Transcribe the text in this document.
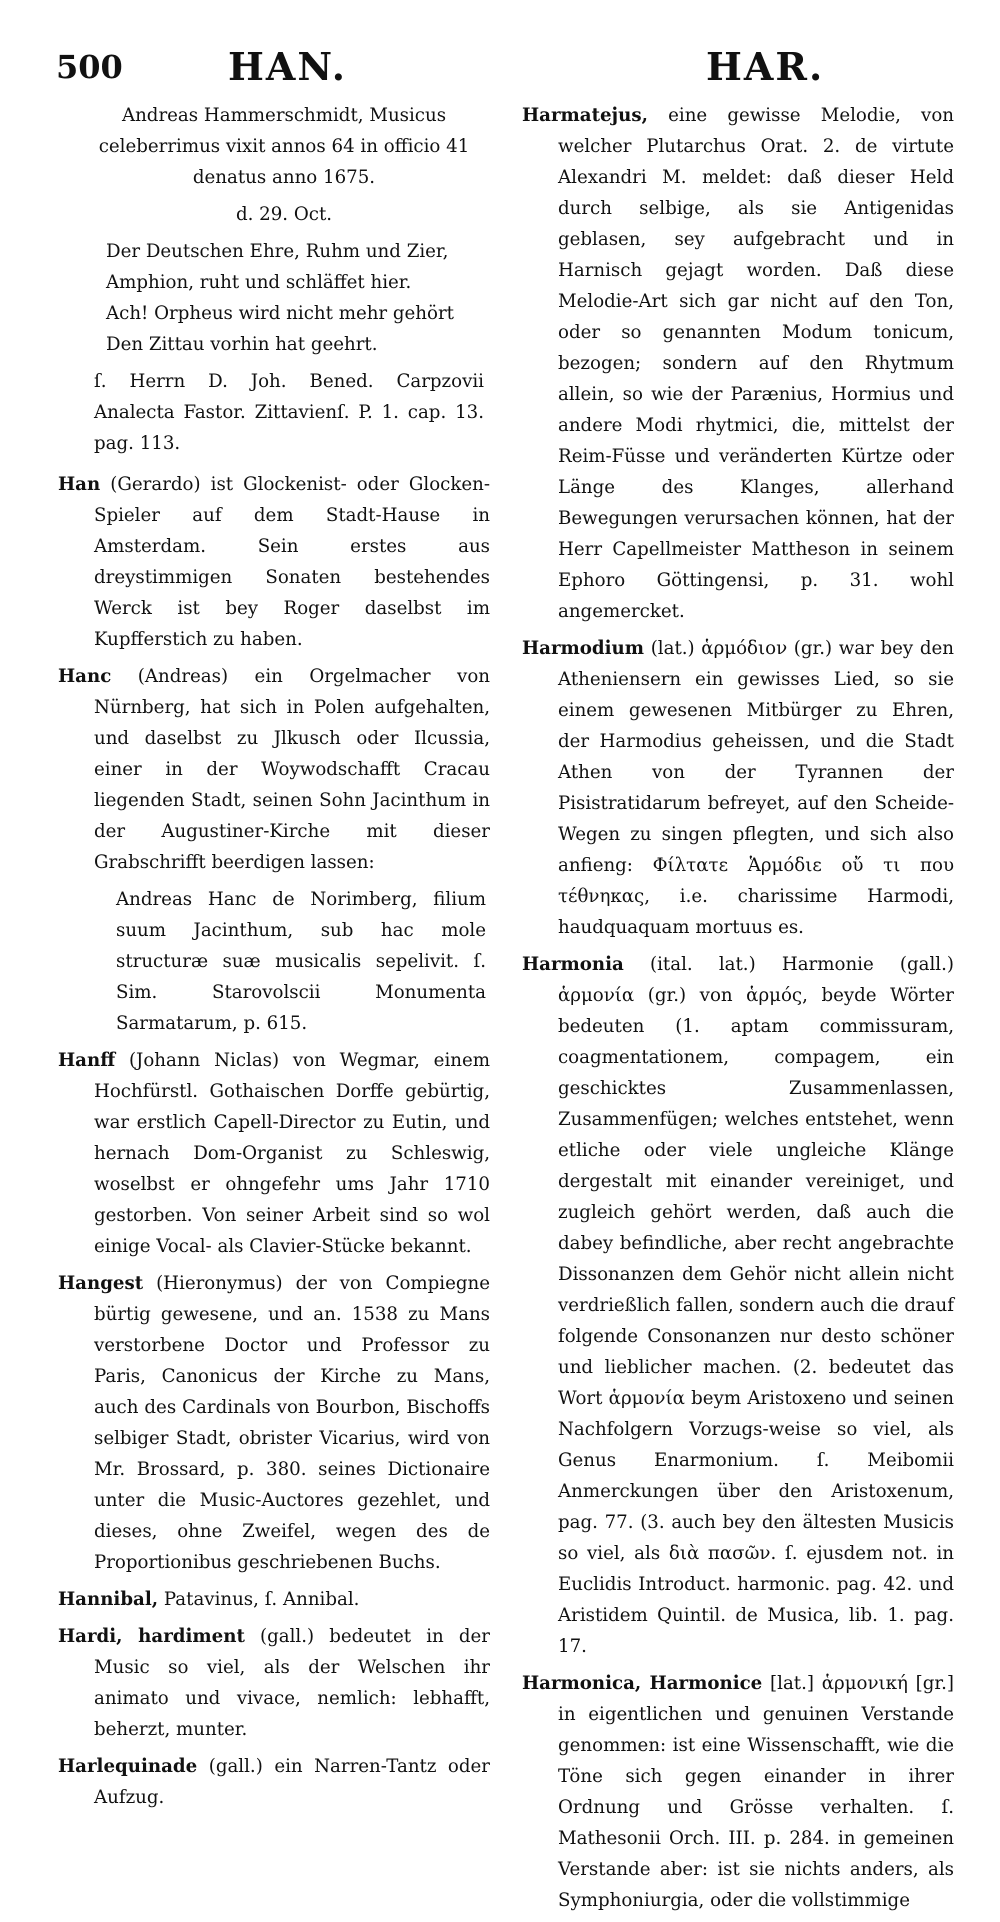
500	HAN.	HAR.

Andreas Hammerschmidt, Musicus celeberrimus vixit annos 64 in officio 41 denatus anno 1675.

d. 29. Oct.

Der Deutschen Ehre, Ruhm und Zier,
Amphion, ruht und schläffet hier.
Ach! Orpheus wird nicht mehr gehört
Den Zittau vorhin hat geehrt.

ſ. Herrn D. Joh. Bened. Carpzovii Analecta Fastor. Zittavienſ. P. 1. cap. 13. pag. 113.

Han (Gerardo) ist Glockenist- oder Glocken-Spieler auf dem Stadt-Hause in Amsterdam. Sein erstes aus dreystimmigen Sonaten bestehendes Werck ist bey Roger daselbst im Kupfferstich zu haben.

Hanc (Andreas) ein Orgelmacher von Nürnberg, hat sich in Polen aufgehalten, und daselbst zu Jlkusch oder Ilcussia, einer in der Woywodschafft Cracau liegenden Stadt, seinen Sohn Jacinthum in der Augustiner-Kirche mit dieser Grabschrifft beerdigen lassen:

Andreas Hanc de Norimberg, filium suum Jacinthum, sub hac mole structuræ suæ musicalis sepelivit. ſ. Sim. Starovolscii Monumenta Sarmatarum, p. 615.

Hanff (Johann Niclas) von Wegmar, einem Hochfürstl. Gothaischen Dorffe gebürtig, war erstlich Capell-Director zu Eutin, und hernach Dom-Organist zu Schleswig, woselbst er ohngefehr ums Jahr 1710 gestorben. Von seiner Arbeit sind so wol einige Vocal- als Clavier-Stücke bekannt.

Hangest (Hieronymus) der von Compiegne bürtig gewesene, und an. 1538 zu Mans verstorbene Doctor und Professor zu Paris, Canonicus der Kirche zu Mans, auch des Cardinals von Bourbon, Bischoffs selbiger Stadt, obrister Vicarius, wird von Mr. Brossard, p. 380. seines Dictionaire unter die Music-Auctores gezehlet, und dieses, ohne Zweifel, wegen des de Proportionibus geschriebenen Buchs.

Hannibal, Patavinus, ſ. Annibal.

Hardi, hardiment (gall.) bedeutet in der Music so viel, als der Welschen ihr animato und vivace, nemlich: lebhafft, beherzt, munter.

Harlequinade (gall.) ein Narren-Tantz oder Aufzug.

Harmatejus, eine gewisse Melodie, von welcher Plutarchus Orat. 2. de virtute Alexandri M. meldet: daß dieser Held durch selbige, als sie Antigenidas geblasen, sey aufgebracht und in Harnisch gejagt worden. Daß diese Melodie-Art sich gar nicht auf den Ton, oder so genannten Modum tonicum, bezogen; sondern auf den Rhytmum allein, so wie der Parænius, Hormius und andere Modi rhytmici, die, mittelst der Reim-Füsse und veränderten Kürtze oder Länge des Klanges, allerhand Bewegungen verursachen können, hat der Herr Capellmeister Mattheson in seinem Ephoro Göttingensi, p. 31. wohl angemercket.

Harmodium (lat.) ἁρμόδιον (gr.) war bey den Atheniensern ein gewisses Lied, so sie einem gewesenen Mitbürger zu Ehren, der Harmodius geheissen, und die Stadt Athen von der Tyrannen der Pisistratidarum befreyet, auf den Scheide-Wegen zu singen pflegten, und sich also anfieng: Φίλτατε Ἁρμόδιε οὔ τι που τέθνηκας, i.e. charissime Harmodi, haudquaquam mortuus es.

Harmonia (ital. lat.) Harmonie (gall.) ἁρμονία (gr.) von ἁρμός, beyde Wörter bedeuten (1. aptam commissuram, coagmentationem, compagem, ein geschicktes Zusammenlassen, Zusammenfügen; welches entstehet, wenn etliche oder viele ungleiche Klänge dergestalt mit einander vereiniget, und zugleich gehört werden, daß auch die dabey befindliche, aber recht angebrachte Dissonanzen dem Gehör nicht allein nicht verdrießlich fallen, sondern auch die drauf folgende Consonanzen nur desto schöner und lieblicher machen. (2. bedeutet das Wort ἁρμονία beym Aristoxeno und seinen Nachfolgern Vorzugs-weise so viel, als Genus Enarmonium. ſ. Meibomii Anmerckungen über den Aristoxenum, pag. 77. (3. auch bey den ältesten Musicis so viel, als διὰ πασῶν. ſ. ejusdem not. in Euclidis Introduct. harmonic. pag. 42. und Aristidem Quintil. de Musica, lib. 1. pag. 17.

Harmonica, Harmonice [lat.] ἁρμονική [gr.] in eigentlichen und genuinen Verstande genommen: ist eine Wissenschafft, wie die Töne sich gegen einander in ihrer Ordnung und Grösse verhalten. ſ. Mathesonii Orch. III. p. 284. in gemeinen Verstande aber: ist sie nichts anders, als Symphoniurgia, oder die vollstimmige
